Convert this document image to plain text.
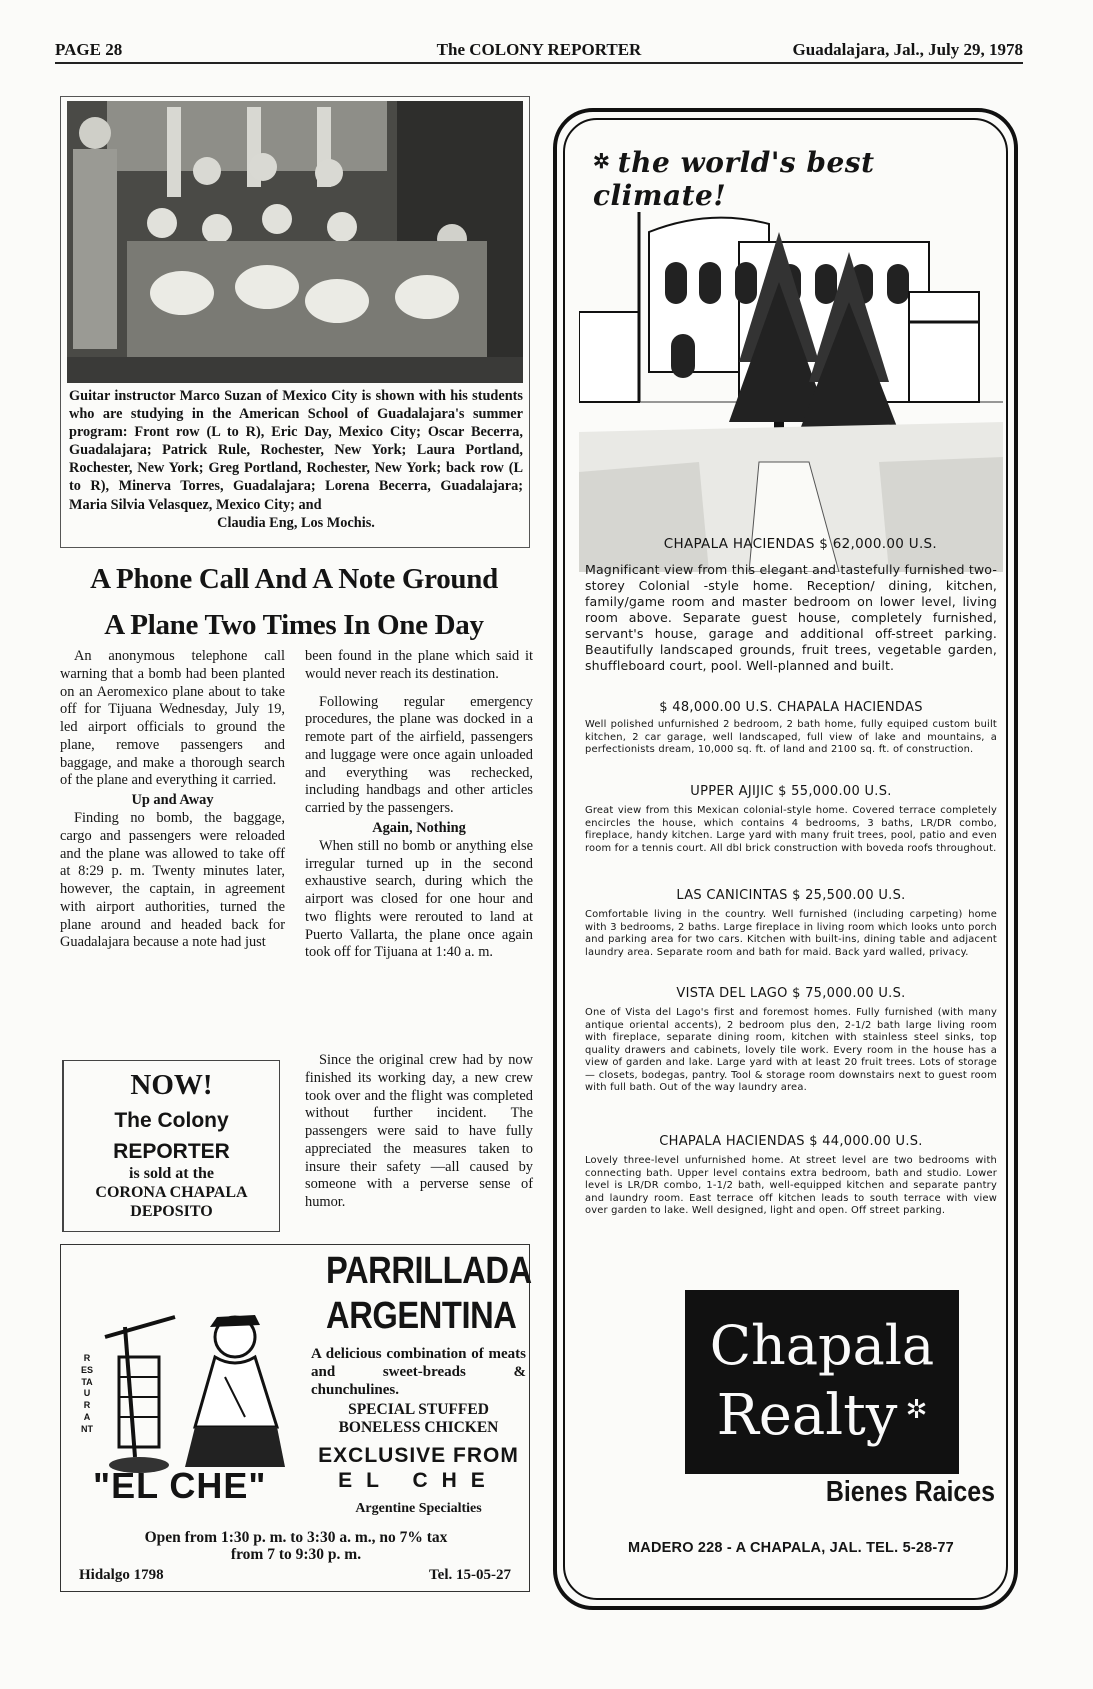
PAGE 28	The COLONY REPORTER	Guadalajara, Jal., July 29, 1978

Guitar instructor Marco Suzan of Mexico City is shown with his students who are studying in the American School of Guadalajara's summer program: Front row (L to R), Eric Day, Mexico City; Oscar Becerra, Guadalajara; Patrick Rule, Rochester, New York; Laura Portland, Rochester, New York; Greg Portland, Rochester, New York; back row (L to R), Minerva Torres, Guadalajara; Lorena Becerra, Guadalajara; Maria Silvia Velasquez, Mexico City; and
Claudia Eng, Los Mochis.

A Phone Call And A Note Ground
A Plane Two Times In One Day

An anonymous telephone call warning that a bomb had been planted on an Aeromexico plane about to take off for Tijuana Wednesday, July 19, led airport officials to ground the plane, remove passengers and baggage, and make a thorough search of the plane and everything it carried.

Up and Away

Finding no bomb, the baggage, cargo and passengers were reloaded and the plane was allowed to take off at 8:29 p. m. Twenty minutes later, however, the captain, in agreement with airport authorities, turned the plane around and headed back for Guadalajara because a note had just

been found in the plane which said it would never reach its destination.

Following regular emergency procedures, the plane was docked in a remote part of the airfield, passengers and luggage were once again unloaded and everything was rechecked, including handbags and other articles carried by the passengers.

Again, Nothing

When still no bomb or anything else irregular turned up in the second exhaustive search, during which the airport was closed for one hour and two flights were rerouted to land at Puerto Vallarta, the plane once again took off for Tijuana at 1:40 a. m.

Since the original crew had by now finished its working day, a new crew took over and the flight was completed without further incident. The passengers were said to have fully appreciated the measures taken to insure their safety —all caused by someone with a perverse sense of humor.

NOW!
The Colony
REPORTER
is sold at the
CORONA CHAPALA
DEPOSITO
RESTAURANT
"EL CHE"
PARRILLADA
ARGENTINA
A delicious combination of meats and sweet-breads & chunchulines.
SPECIAL STUFFED
BONELESS CHICKEN
EXCLUSIVE FROM
EL CHE
Argentine Specialties
Open from 1:30 p. m. to 3:30 a. m., no 7% tax
from 7 to 9:30 p. m.
Hidalgo 1798	Tel. 15-05-27
✲ the world's best climate!
CHAPALA HACIENDAS $ 62,000.00 U.S.
Magnificant view from this elegant and tastefully furnished two-storey Colonial -style home. Reception/ dining, kitchen, family/game room and master bedroom on lower level, living room above. Separate guest house, completely furnished, servant's house, garage and additional off-street parking. Beautifully landscaped grounds, fruit trees, vegetable garden, shuffleboard court, pool. Well-planned and built.
$ 48,000.00 U.S. CHAPALA HACIENDAS
Well polished unfurnished 2 bedroom, 2 bath home, fully equiped custom built kitchen, 2 car garage, well landscaped, full view of lake and mountains, a perfectionists dream, 10,000 sq. ft. of land and 2100 sq. ft. of construction.
UPPER AJIJIC $ 55,000.00 U.S.
Great view from this Mexican colonial-style home. Covered terrace completely encircles the house, which contains 4 bedrooms, 3 baths, LR/DR combo, fireplace, handy kitchen. Large yard with many fruit trees, pool, patio and even room for a tennis court. All dbl brick construction with boveda roofs throughout.
LAS CANICINTAS $ 25,500.00 U.S.
Comfortable living in the country. Well furnished (including carpeting) home with 3 bedrooms, 2 baths. Large fireplace in living room which looks unto porch and parking area for two cars. Kitchen with built-ins, dining table and adjacent laundry area. Separate room and bath for maid. Back yard walled, privacy.
VISTA DEL LAGO $ 75,000.00 U.S.
One of Vista del Lago's first and foremost homes. Fully furnished (with many antique oriental accents), 2 bedroom plus den, 2-1/2 bath large living room with fireplace, separate dining room, kitchen with stainless steel sinks, top quality drawers and cabinets, lovely tile work. Every room in the house has a view of garden and lake. Large yard with at least 20 fruit trees. Lots of storage — closets, bodegas, pantry. Tool & storage room downstairs next to guest room with full bath. Out of the way laundry area.
CHAPALA HACIENDAS $ 44,000.00 U.S.
Lovely three-level unfurnished home. At street level are two bedrooms with connecting bath. Upper level contains extra bedroom, bath and studio. Lower level is LR/DR combo, 1-1/2 bath, well-equipped kitchen and separate pantry and laundry room. East terrace off kitchen leads to south terrace with view over garden to lake. Well designed, light and open. Off street parking.
Chapala
Realty ✲
Bienes Raices
MADERO 228 - A CHAPALA, JAL. TEL. 5-28-77
